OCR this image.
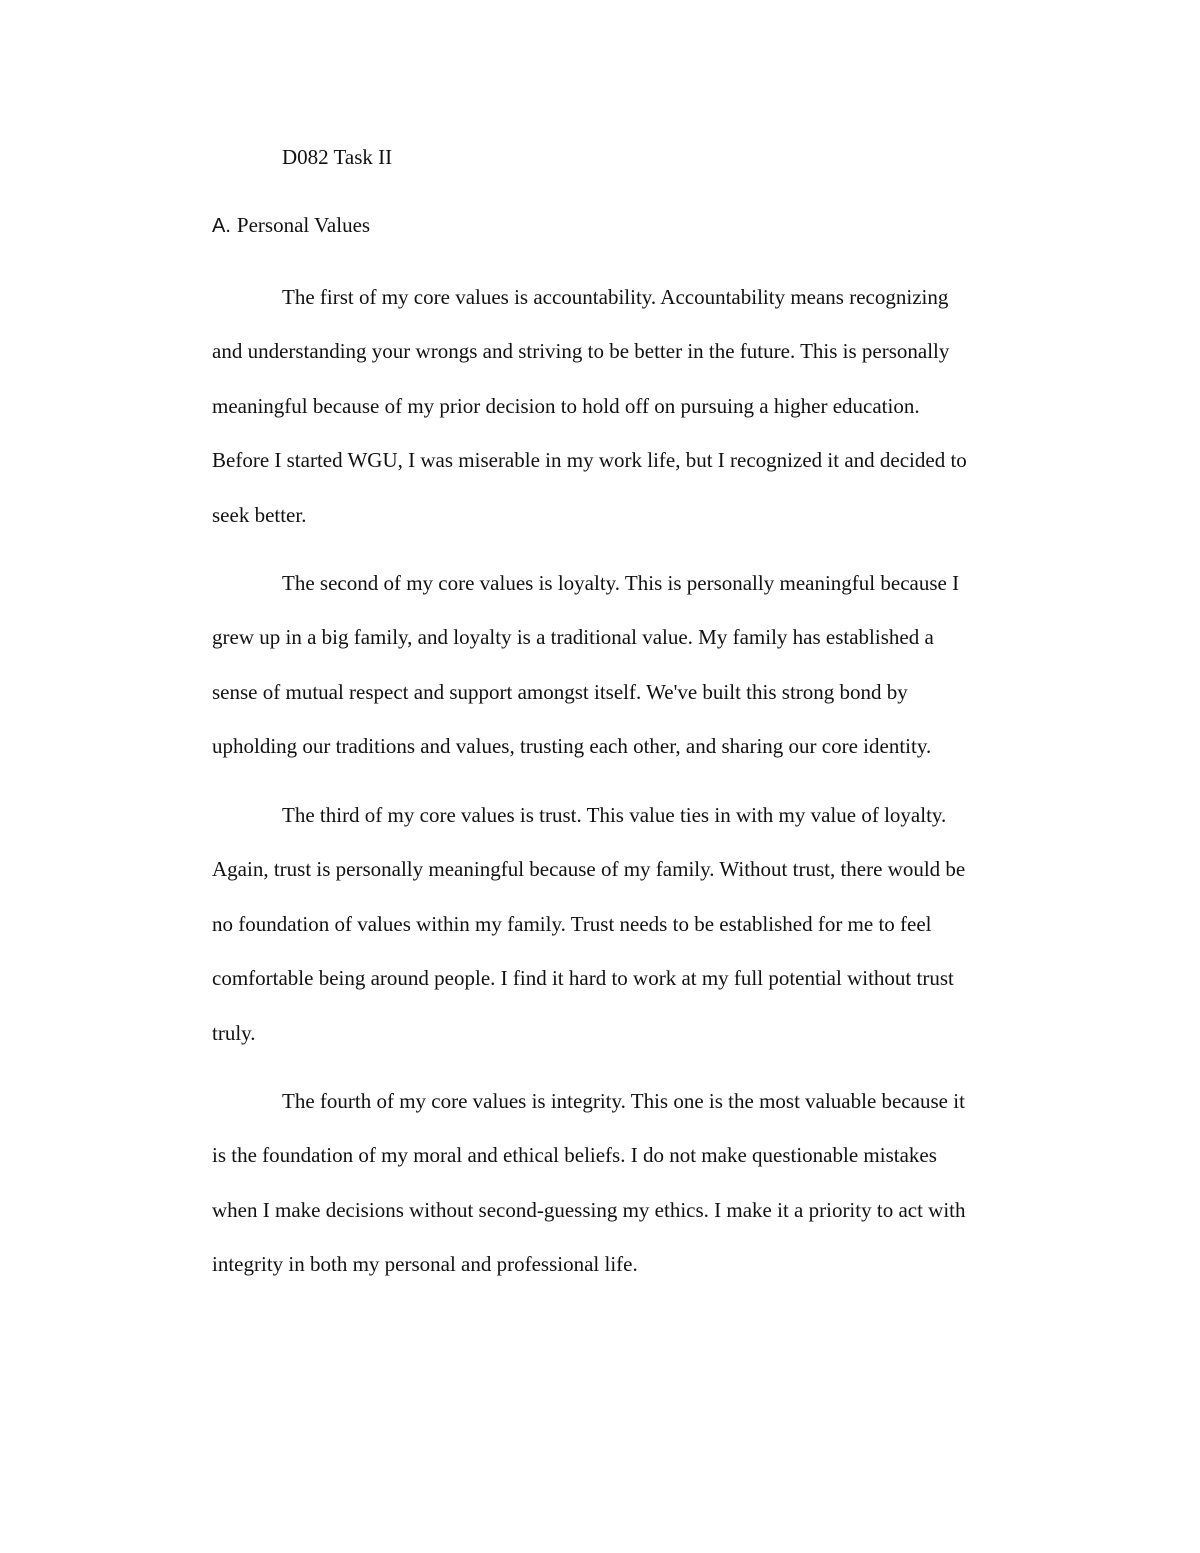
D082 Task II
A. Personal Values

The first of my core values is accountability. Accountability means recognizing
and understanding your wrongs and striving to be better in the future. This is personally
meaningful because of my prior decision to hold off on pursuing a higher education.
Before I started WGU, I was miserable in my work life, but I recognized it and decided to
seek better.

The second of my core values is loyalty. This is personally meaningful because I
grew up in a big family, and loyalty is a traditional value. My family has established a
sense of mutual respect and support amongst itself. We've built this strong bond by
upholding our traditions and values, trusting each other, and sharing our core identity.

The third of my core values is trust. This value ties in with my value of loyalty.
Again, trust is personally meaningful because of my family. Without trust, there would be
no foundation of values within my family. Trust needs to be established for me to feel
comfortable being around people. I find it hard to work at my full potential without trust
truly.

The fourth of my core values is integrity. This one is the most valuable because it
is the foundation of my moral and ethical beliefs. I do not make questionable mistakes
when I make decisions without second-guessing my ethics. I make it a priority to act with
integrity in both my personal and professional life.
